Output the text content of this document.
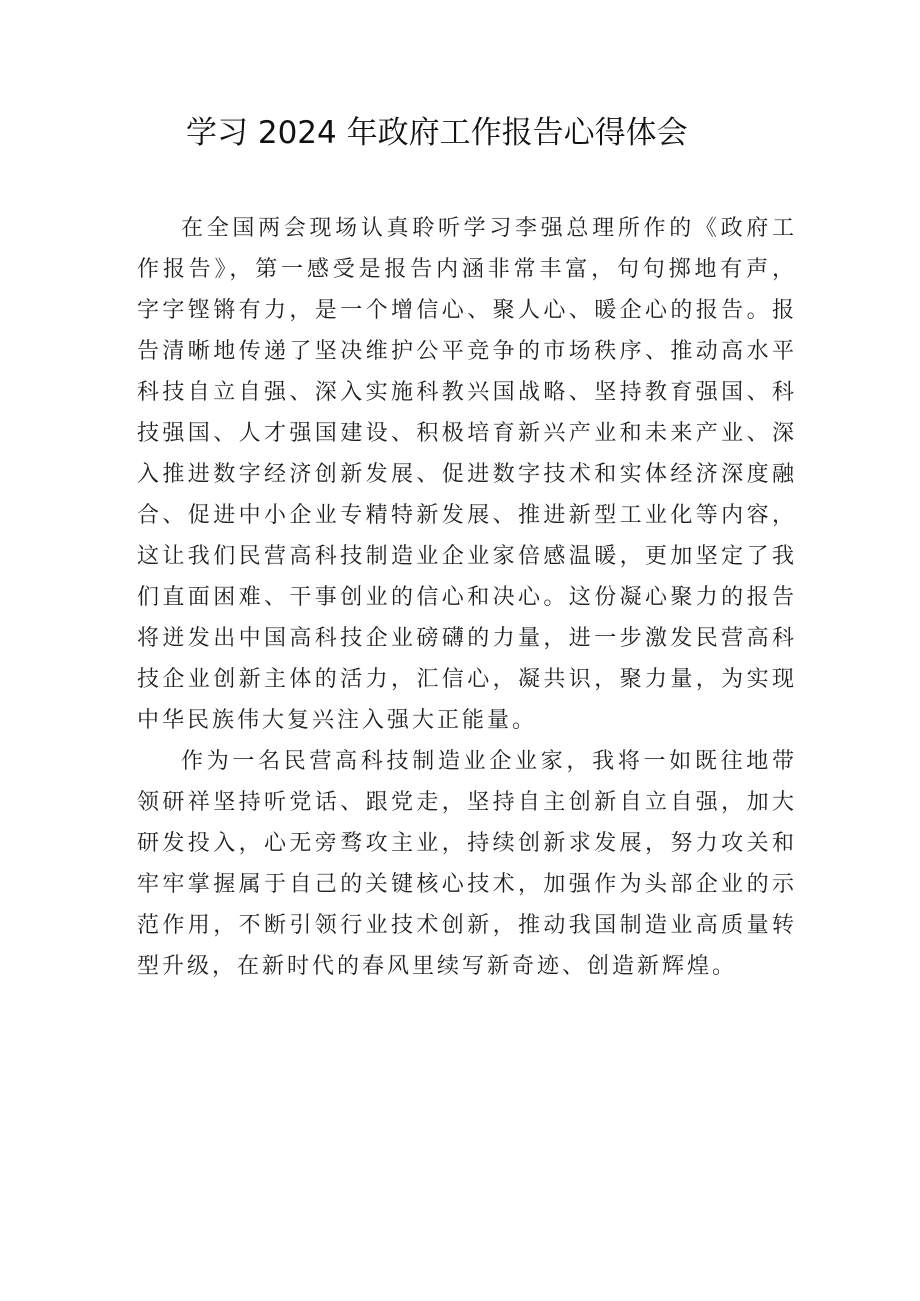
学习 2024 年政府工作报告心得体会

在全国两会现场认真聆听学习李强总理所作的《政府工作报告》，第一感受是报告内涵非常丰富，句句掷地有声，字字铿锵有力，是一个增信心、聚人心、暖企心的报告。报告清晰地传递了坚决维护公平竞争的市场秩序、推动高水平科技自立自强、深入实施科教兴国战略、坚持教育强国、科技强国、人才强国建设、积极培育新兴产业和未来产业、深入推进数字经济创新发展、促进数字技术和实体经济深度融合、促进中小企业专精特新发展、推进新型工业化等内容，这让我们民营高科技制造业企业家倍感温暖，更加坚定了我们直面困难、干事创业的信心和决心。这份凝心聚力的报告将迸发出中国高科技企业磅礴的力量，进一步激发民营高科技企业创新主体的活力，汇信心，凝共识，聚力量，为实现中华民族伟大复兴注入强大正能量。

作为一名民营高科技制造业企业家，我将一如既往地带领研祥坚持听党话、跟党走，坚持自主创新自立自强，加大研发投入，心无旁骛攻主业，持续创新求发展，努力攻关和牢牢掌握属于自己的关键核心技术，加强作为头部企业的示范作用，不断引领行业技术创新，推动我国制造业高质量转型升级，在新时代的春风里续写新奇迹、创造新辉煌。
